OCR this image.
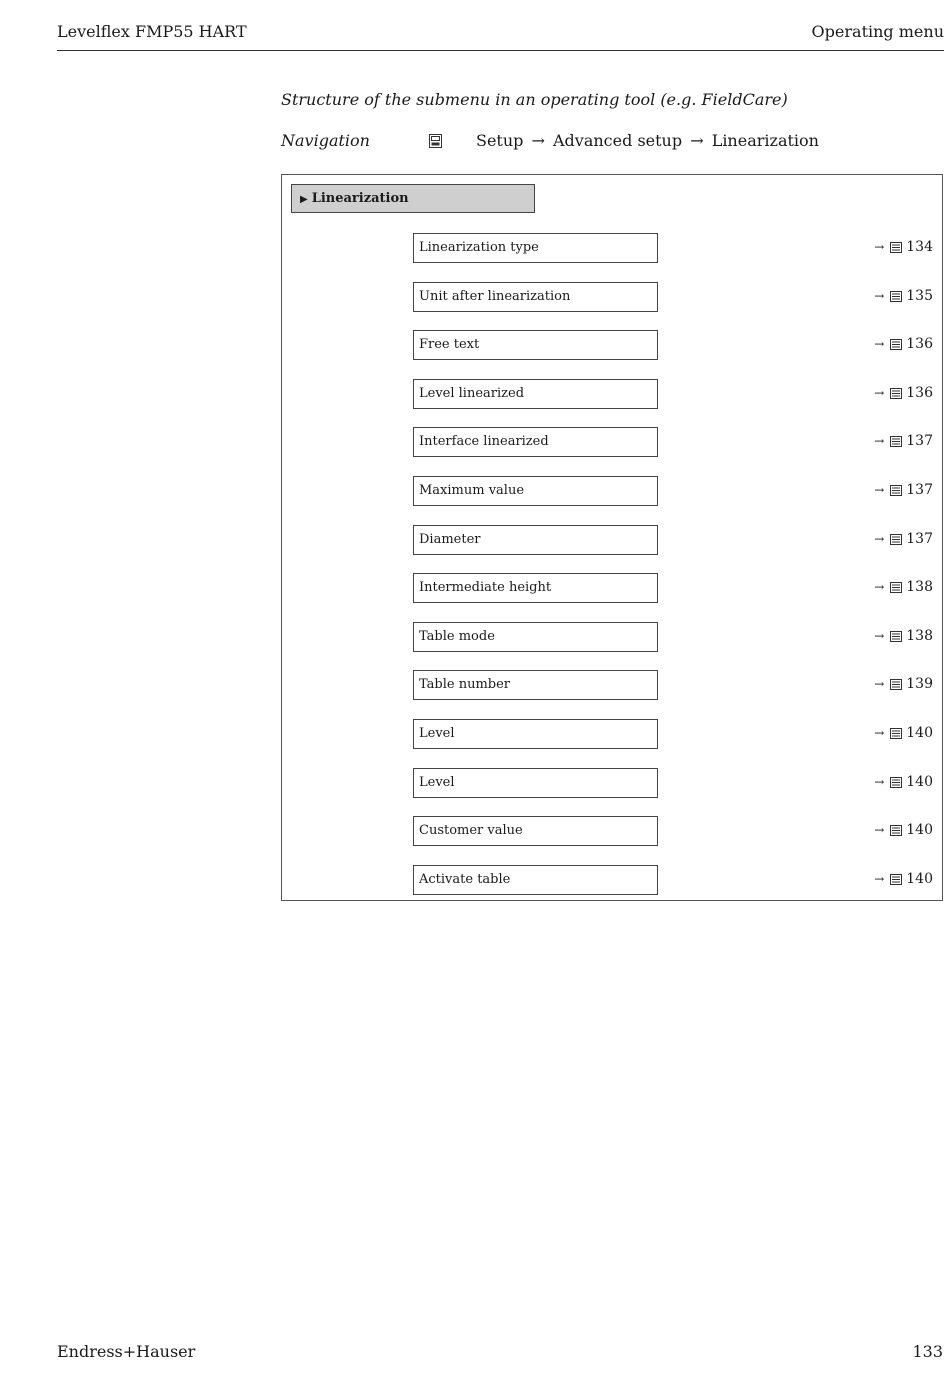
Levelflex FMP55 HART	Operating menu
Structure of the submenu in an operating tool (e.g. FieldCare)
Navigation	Setup → Advanced setup → Linearization
▶ Linearization
Linearization type	→ 134
Unit after linearization	→ 135
Free text	→ 136
Level linearized	→ 136
Interface linearized	→ 137
Maximum value	→ 137
Diameter	→ 137
Intermediate height	→ 138
Table mode	→ 138
Table number	→ 139
Level	→ 140
Level	→ 140
Customer value	→ 140
Activate table	→ 140
Endress+Hauser	133
